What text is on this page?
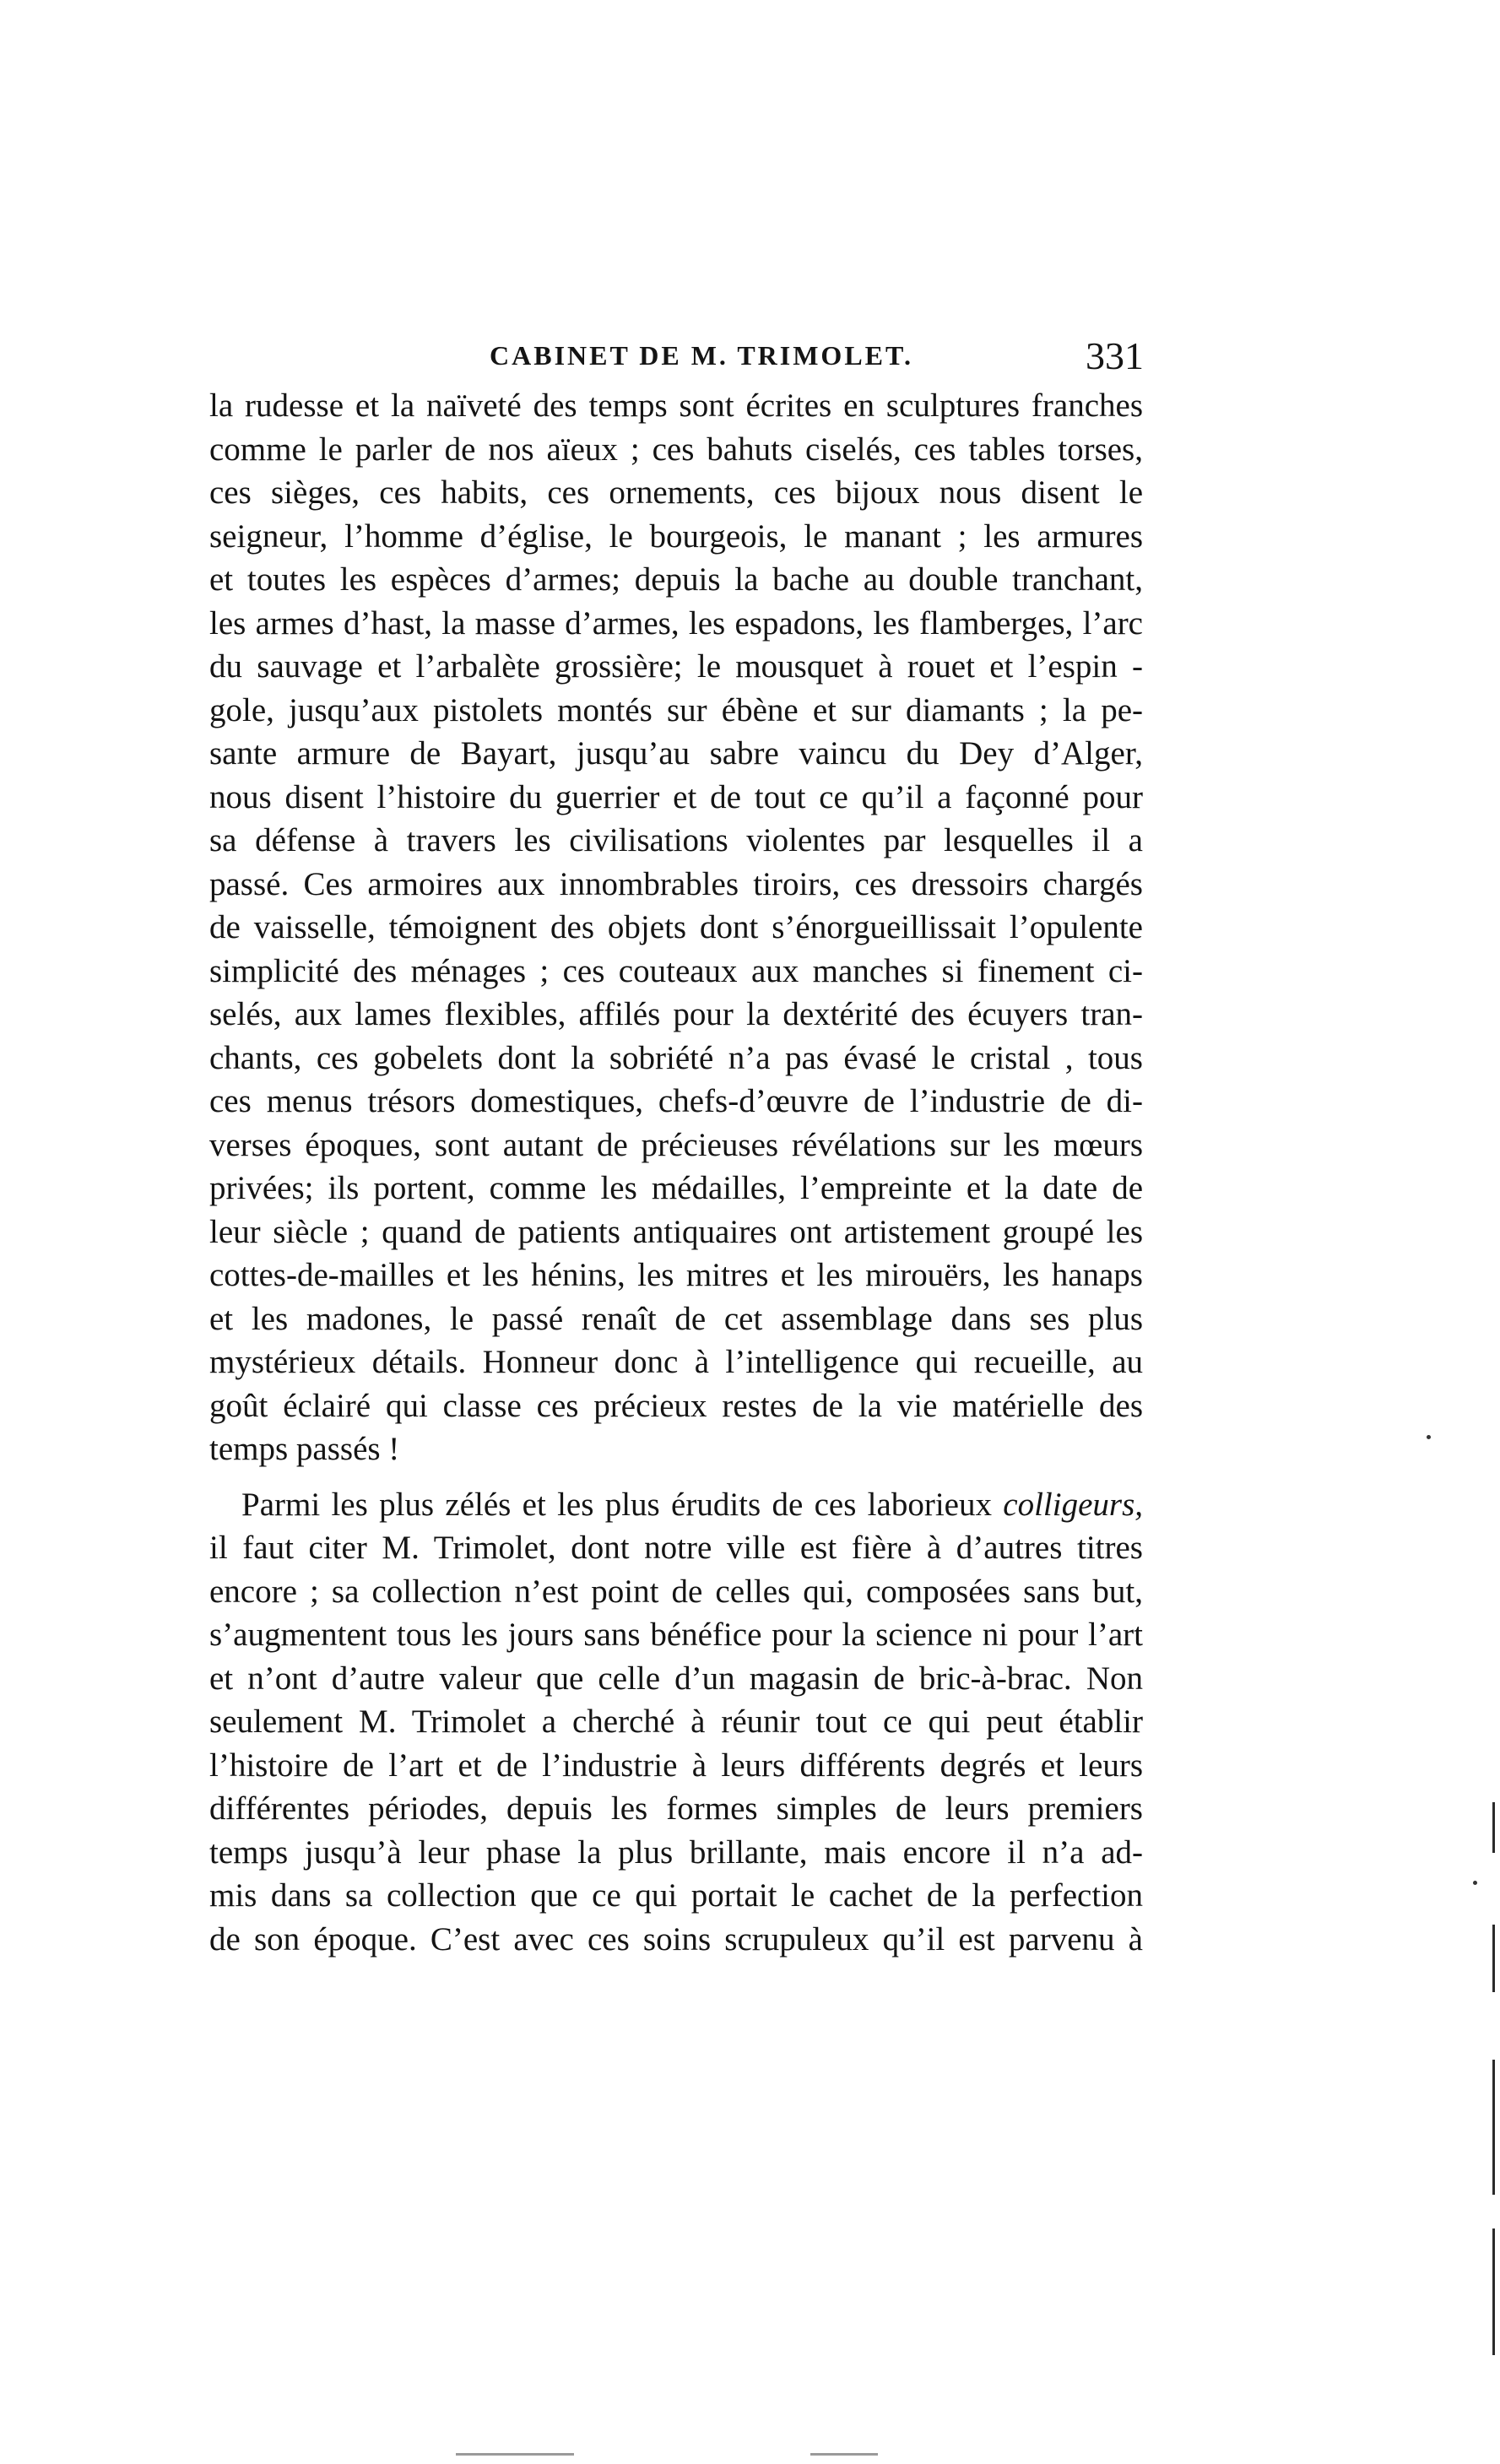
CABINET DE M. TRIMOLET.	331
la rudesse et la naïveté des temps sont écrites en sculptures franches
comme le parler de nos aïeux ; ces bahuts ciselés, ces tables torses,
ces sièges, ces habits, ces ornements, ces bijoux nous disent le
seigneur, l’homme d’église, le bourgeois, le manant ; les armures
et toutes les espèces d’armes; depuis la bache au double tranchant,
les armes d’hast, la masse d’armes, les espadons, les flamberges, l’arc
du sauvage et l’arbalète grossière; le mousquet à rouet et l’espin -
gole, jusqu’aux pistolets montés sur ébène et sur diamants ; la pe-
sante armure de Bayart, jusqu’au sabre vaincu du Dey d’Alger,
nous disent l’histoire du guerrier et de tout ce qu’il a façonné pour
sa défense à travers les civilisations violentes par lesquelles il a
passé. Ces armoires aux innombrables tiroirs, ces dressoirs chargés
de vaisselle, témoignent des objets dont s’énorgueillissait l’opulente
simplicité des ménages ; ces couteaux aux manches si finement ci-
selés, aux lames flexibles, affilés pour la dextérité des écuyers tran-
chants, ces gobelets dont la sobriété n’a pas évasé le cristal , tous
ces menus trésors domestiques, chefs-d’œuvre de l’industrie de di-
verses époques, sont autant de précieuses révélations sur les mœurs
privées; ils portent, comme les médailles, l’empreinte et la date de
leur siècle ; quand de patients antiquaires ont artistement groupé les
cottes-de-mailles et les hénins, les mitres et les mirouërs, les hanaps
et les madones, le passé renaît de cet assemblage dans ses plus
mystérieux détails. Honneur donc à l’intelligence qui recueille, au
goût éclairé qui classe ces précieux restes de la vie matérielle des
temps passés !
Parmi les plus zélés et les plus érudits de ces laborieux colligeurs,
il faut citer M. Trimolet, dont notre ville est fière à d’autres titres
encore ; sa collection n’est point de celles qui, composées sans but,
s’augmentent tous les jours sans bénéfice pour la science ni pour l’art
et n’ont d’autre valeur que celle d’un magasin de bric-à-brac. Non
seulement M. Trimolet a cherché à réunir tout ce qui peut établir
l’histoire de l’art et de l’industrie à leurs différents degrés et leurs
différentes périodes, depuis les formes simples de leurs premiers
temps jusqu’à leur phase la plus brillante, mais encore il n’a ad-
mis dans sa collection que ce qui portait le cachet de la perfection
de son époque. C’est avec ces soins scrupuleux qu’il est parvenu à
